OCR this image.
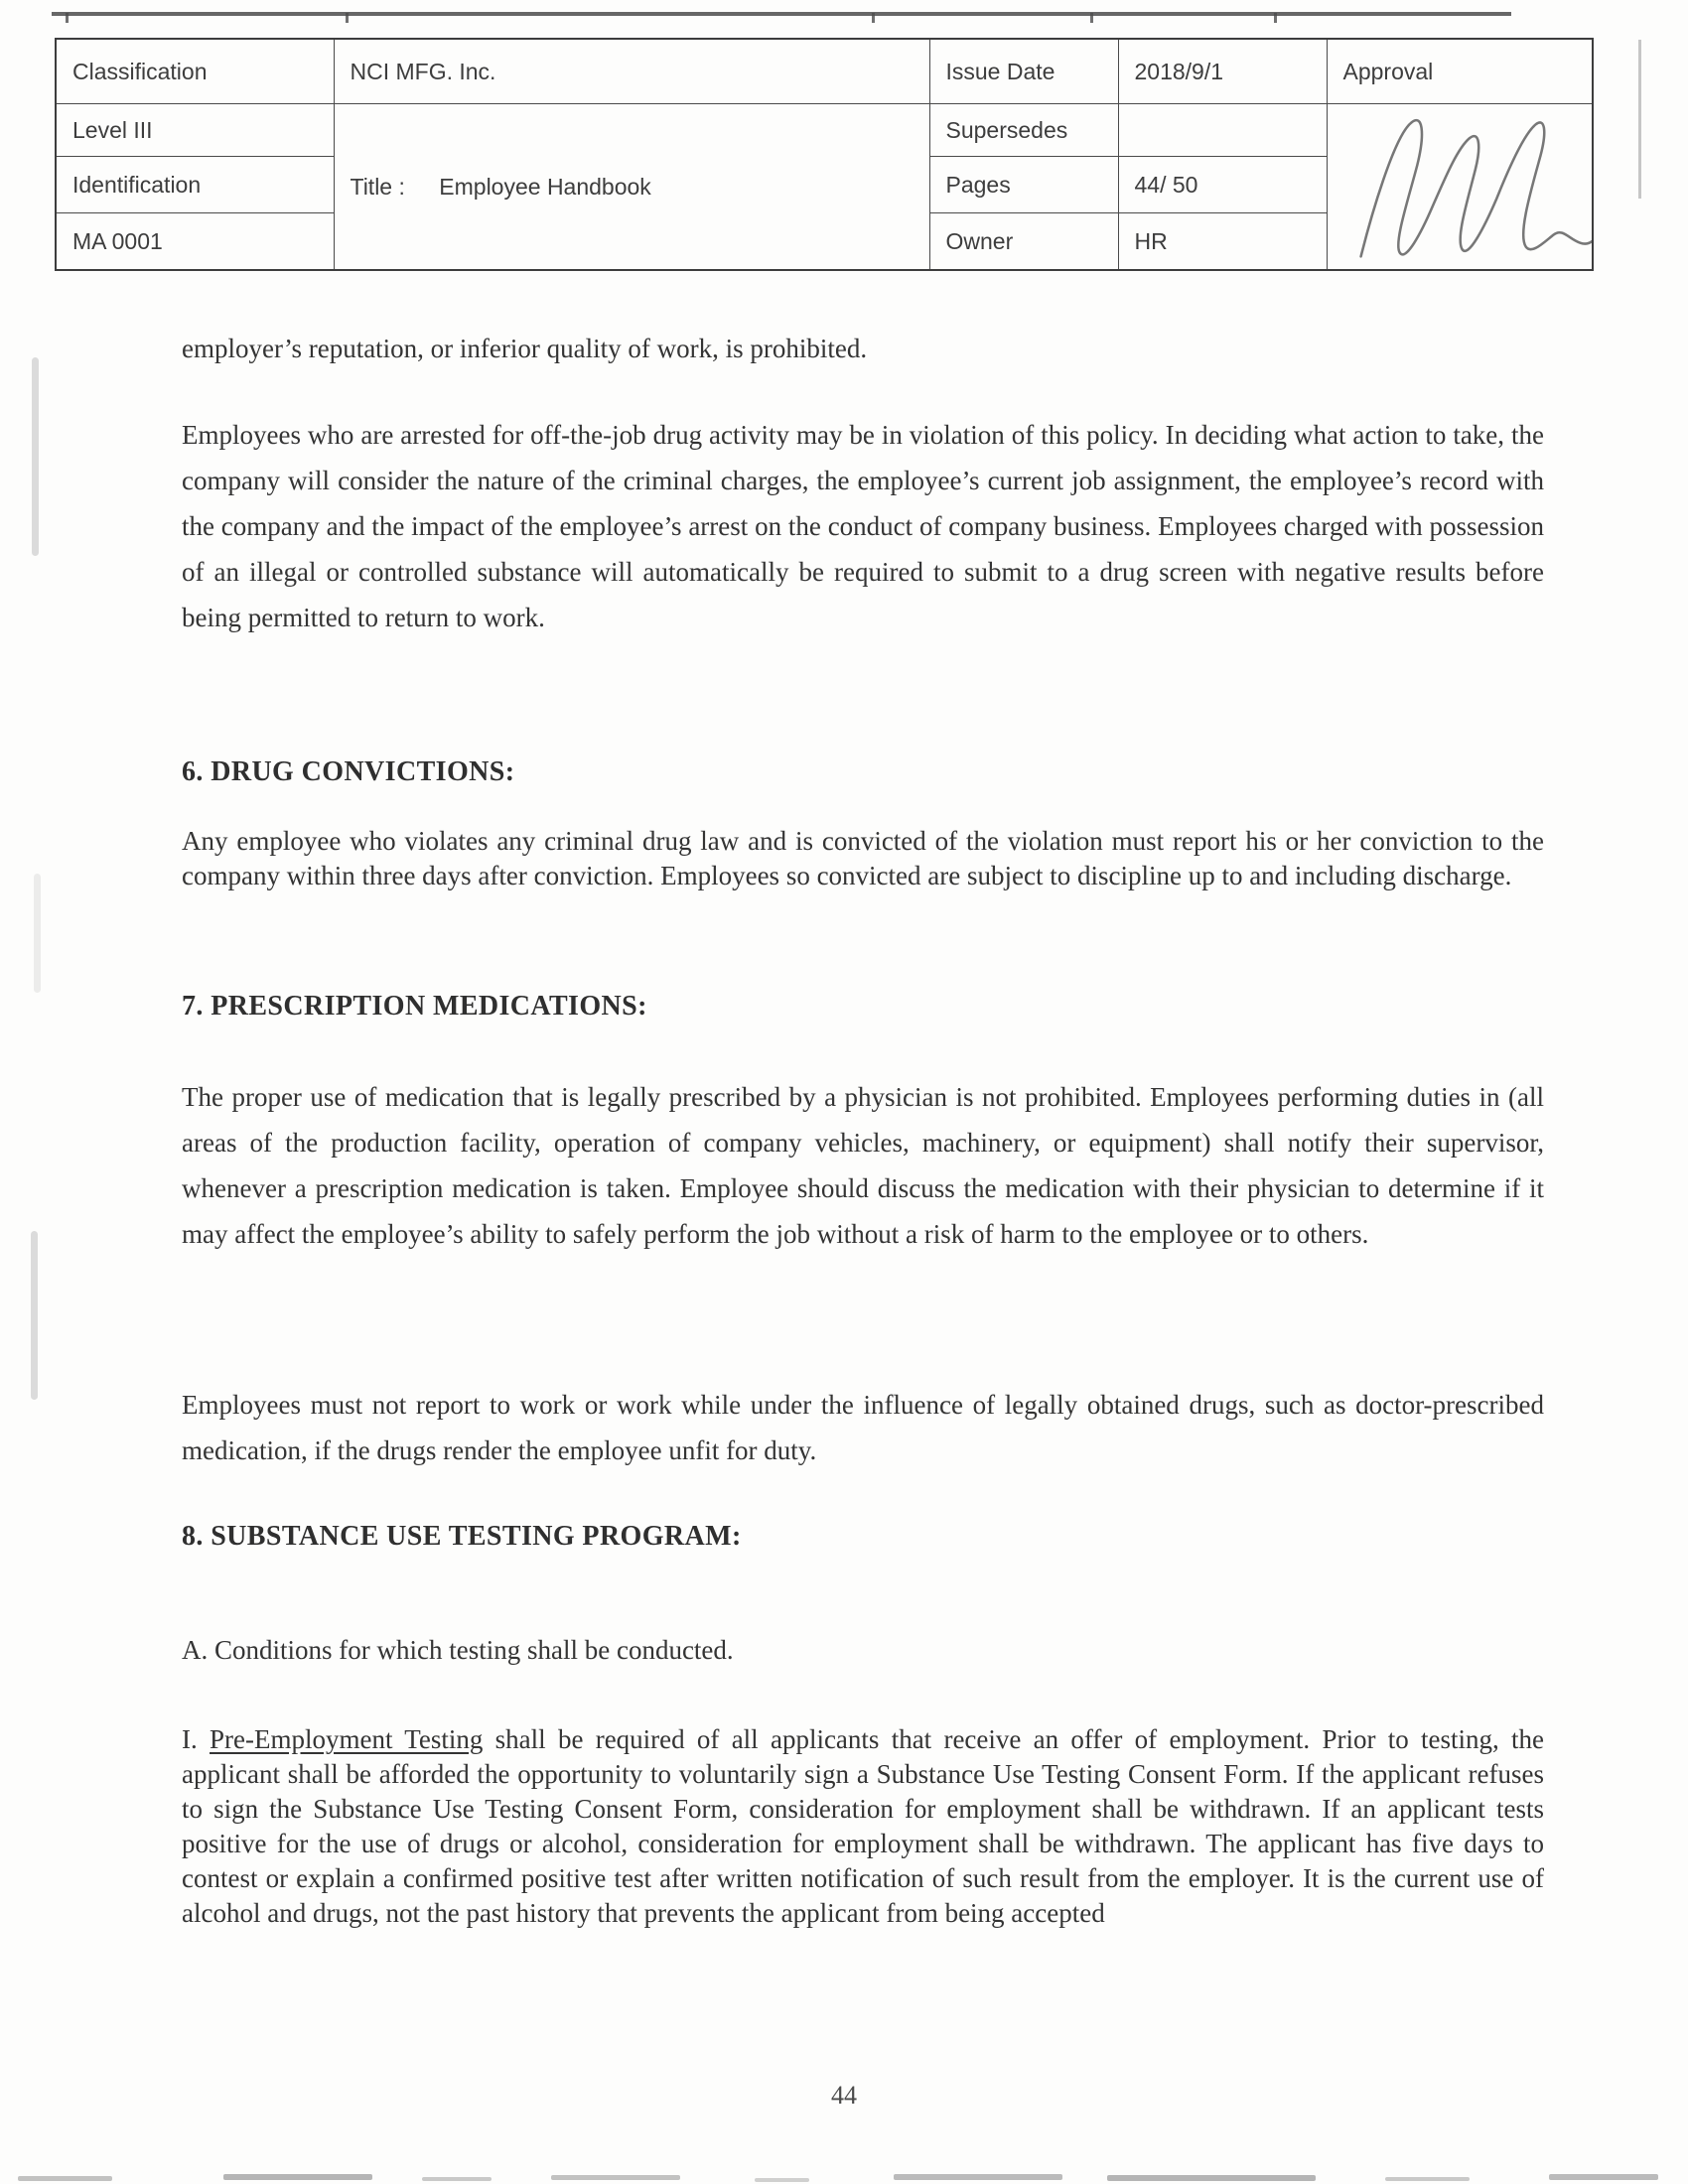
Classification	NCI MFG. Inc.	Issue Date	2018/9/1	Approval
Level III	Title : Employee Handbook	Supersedes		

Identification		Pages	44/ 50	
MA 0001		Owner	HR	
employer’s reputation, or inferior quality of work, is prohibited.
Employees who are arrested for off-the-job drug activity may be in violation of this policy. In deciding what action to take, the company will consider the nature of the criminal charges, the employee’s current job assignment, the employee’s record with the company and the impact of the employee’s arrest on the conduct of company business. Employees charged with possession of an illegal or controlled substance will automatically be required to submit to a drug screen with negative results before being permitted to return to work.
6. DRUG CONVICTIONS:
Any employee who violates any criminal drug law and is convicted of the violation must report his or her conviction to the company within three days after conviction. Employees so convicted are subject to discipline up to and including discharge.
7. PRESCRIPTION MEDICATIONS:
The proper use of medication that is legally prescribed by a physician is not prohibited. Employees performing duties in (all areas of the production facility, operation of company vehicles, machinery, or equipment) shall notify their supervisor, whenever a prescription medication is taken. Employee should discuss the medication with their physician to determine if it may affect the employee’s ability to safely perform the job without a risk of harm to the employee or to others.
Employees must not report to work or work while under the influence of legally obtained drugs, such as doctor-prescribed medication, if the drugs render the employee unfit for duty.
8. SUBSTANCE USE TESTING PROGRAM:
A. Conditions for which testing shall be conducted.
I. Pre-Employment Testing shall be required of all applicants that receive an offer of employment. Prior to testing, the applicant shall be afforded the opportunity to voluntarily sign a Substance Use Testing Consent Form. If the applicant refuses to sign the Substance Use Testing Consent Form, consideration for employment shall be withdrawn. If an applicant tests positive for the use of drugs or alcohol, consideration for employment shall be withdrawn. The applicant has five days to contest or explain a confirmed positive test after written notification of such result from the employer. It is the current use of alcohol and drugs, not the past history that prevents the applicant from being accepted
44
